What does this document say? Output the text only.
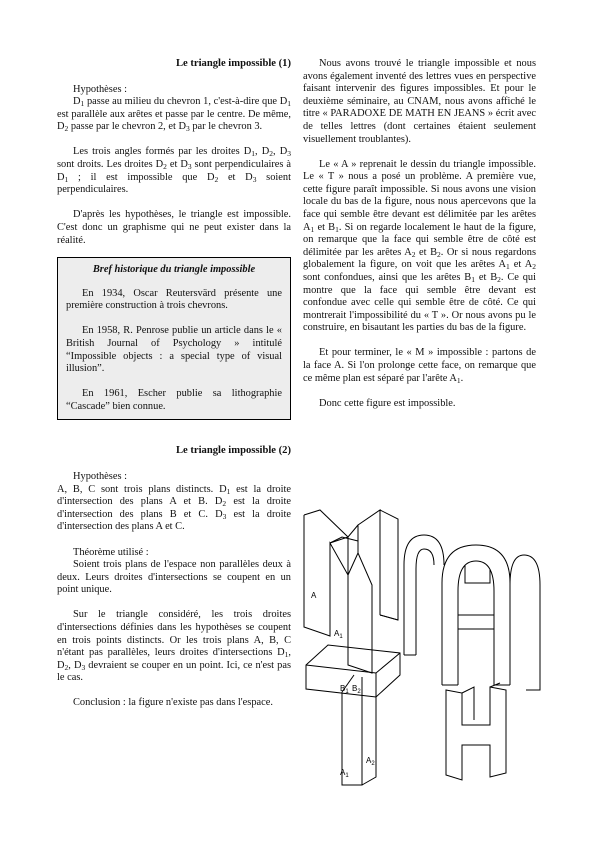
Le triangle impossible (1)

Hypothèses :

$D_1$ passe au milieu du chevron 1, c'est-à-dire que $D_1$ est parallèle aux arêtes et passe par le centre. De même, $D_2$ passe par le chevron 2, et $D_3$ par le chevron 3.

Les trois angles formés par les droites $D_1$, $D_2$, $D_3$ sont droits. Les droites $D_2$ et $D_3$ sont perpendiculaires à $D_1$ ; il est impossible que $D_2$ et $D_3$ soient perpendiculaires.

D'après les hypothèses, le triangle est impossible. C'est donc un graphisme qui ne peut exister dans la réalité.

Bref historique du triangle impossible

En 1934, Oscar Reutersvärd présente une première construction à trois chevrons.

En 1958, R. Penrose publie un article dans le « British Journal of Psychology » intitulé “Impossible objects : a special type of visual illusion”.

En 1961, Escher publie sa lithographie “Cascade” bien connue.

Le triangle impossible (2)

Hypothèses :

A, B, C sont trois plans distincts. $D_1$ est la droite d'intersection des plans A et B. $D_2$ est la droite d'intersection des plans B et C. $D_3$ est la droite d'intersection des plans A et C.

Théorème utilisé :

Soient trois plans de l'espace non parallèles deux à deux. Leurs droites d'intersections se coupent en un point unique.

Sur le triangle considéré, les trois droites d'intersections définies dans les hypothèses se coupent en trois points distincts. Or les trois plans A, B, C n'étant pas parallèles, leurs droites d'intersections $D_1$, $D_2$, $D_3$ devraient se couper en un point. Ici, ce n'est pas le cas.

Conclusion : la figure n'existe pas dans l'espace.

Nous avons trouvé le triangle impossible et nous avons également inventé des lettres vues en perspective faisant intervenir des figures impossibles. Et pour le deuxième séminaire, au CNAM, nous avons affiché le titre « PARADOXE DE MATH EN JEANS » écrit avec de telles lettres (dont certaines étaient seulement visuellement troublantes).

Le « A » reprenait le dessin du triangle impossible. Le « T » nous a posé un problème. A première vue, cette figure paraît impossible. Si nous avons une vision locale du bas de la figure, nous nous apercevons que la face qui semble être devant est délimitée par les arêtes $A_1$ et $B_1$. Si on regarde localement le haut de la figure, on remarque que la face qui semble être de côté est délimitée par les arêtes $A_2$ et $B_2$. Or si nous regardons globalement la figure, on voit que les arêtes $A_1$ et $A_2$ sont confondues, ainsi que les arêtes $B_1$ et $B_2$. Ce qui montre que la face qui semble être devant est confondue avec celle qui semble être de côté. Ce qui montrerait l'impossibilité du « T ». Or nous avons pu le construire, en bisautant les parties du bas de la figure.

Et pour terminer, le « M » impossible : partons de la face A. Si l'on prolonge cette face, on remarque que ce même plan est séparé par l'arête $A_1$.

Donc cette figure est impossible.

A
$A_1$
$B_1$ $B_2$
$A_2$
$A_1$
